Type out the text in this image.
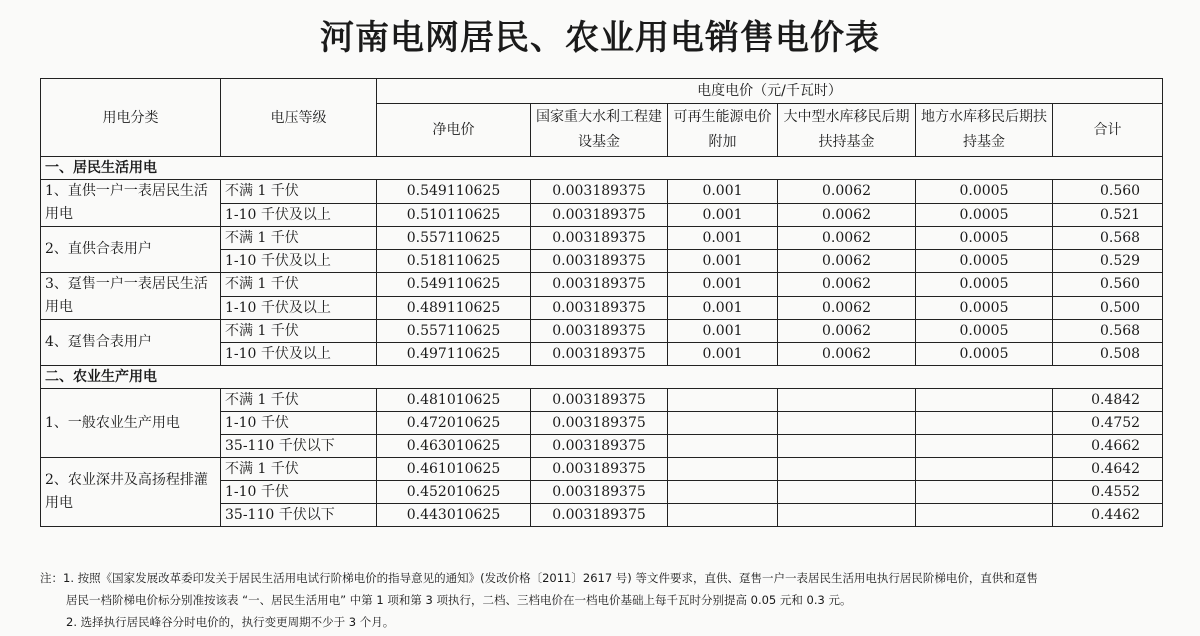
河南电网居民、农业用电销售电价表
用电分类	电压等级	电度电价（元/千瓦时）					
		净电价	国家重大水利工程建设基金	可再生能源电价附加	大中型水库移民后期扶持基金	地方水库移民后期扶持基金	合计
一、居民生活用电							
1、直供一户一表居民生活用电	不满 1 千伏	0.549110625	0.003189375	0.001	0.0062	0.0005	0.560
	1-10 千伏及以上	0.510110625	0.003189375	0.001	0.0062	0.0005	0.521
2、直供合表用户	不满 1 千伏	0.557110625	0.003189375	0.001	0.0062	0.0005	0.568
	1-10 千伏及以上	0.518110625	0.003189375	0.001	0.0062	0.0005	0.529
3、趸售一户一表居民生活用电	不满 1 千伏	0.549110625	0.003189375	0.001	0.0062	0.0005	0.560
	1-10 千伏及以上	0.489110625	0.003189375	0.001	0.0062	0.0005	0.500
4、趸售合表用户	不满 1 千伏	0.557110625	0.003189375	0.001	0.0062	0.0005	0.568
	1-10 千伏及以上	0.497110625	0.003189375	0.001	0.0062	0.0005	0.508
二、农业生产用电							
1、一般农业生产用电	不满 1 千伏	0.481010625	0.003189375				0.4842
	1-10 千伏	0.472010625	0.003189375				0.4752
	35-110 千伏以下	0.463010625	0.003189375				0.4662
2、农业深井及高扬程排灌用电	不满 1 千伏	0.461010625	0.003189375				0.4642
	1-10 千伏	0.452010625	0.003189375				0.4552
	35-110 千伏以下	0.443010625	0.003189375				0.4462
注：1. 按照《国家发展改革委印发关于居民生活用电试行阶梯电价的指导意见的通知》(发改价格〔2011〕2617 号) 等文件要求，直供、趸售一户一表居民生活用电执行居民阶梯电价，直供和趸售
居民一档阶梯电价标分别准按该表 “一、居民生活用电” 中第 1 项和第 3 项执行，二档、三档电价在一档电价基础上每千瓦时分别提高 0.05 元和 0.3 元。
2. 选择执行居民峰谷分时电价的，执行变更周期不少于 3 个月。
